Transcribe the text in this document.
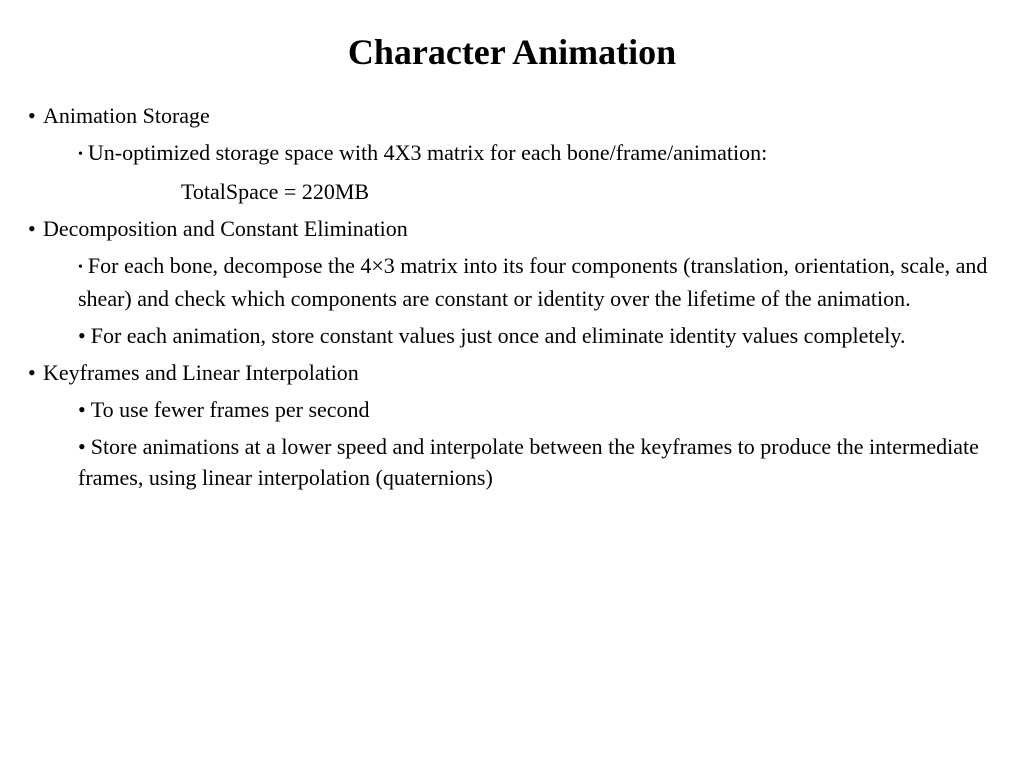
Character Animation

• Animation Storage

• Un-optimized storage space with 4X3 matrix for each bone/frame/animation:

TotalSpace = 220MB

• Decomposition and Constant Elimination

• For each bone, decompose the 4×3 matrix into its four components (translation, orientation, scale, and shear) and check which components are constant or identity over the lifetime of the animation.

• For each animation, store constant values just once and eliminate identity values completely.

• Keyframes and Linear Interpolation

• To use fewer frames per second

• Store animations at a lower speed and interpolate between the keyframes to produce the intermediate frames, using linear interpolation (quaternions)
